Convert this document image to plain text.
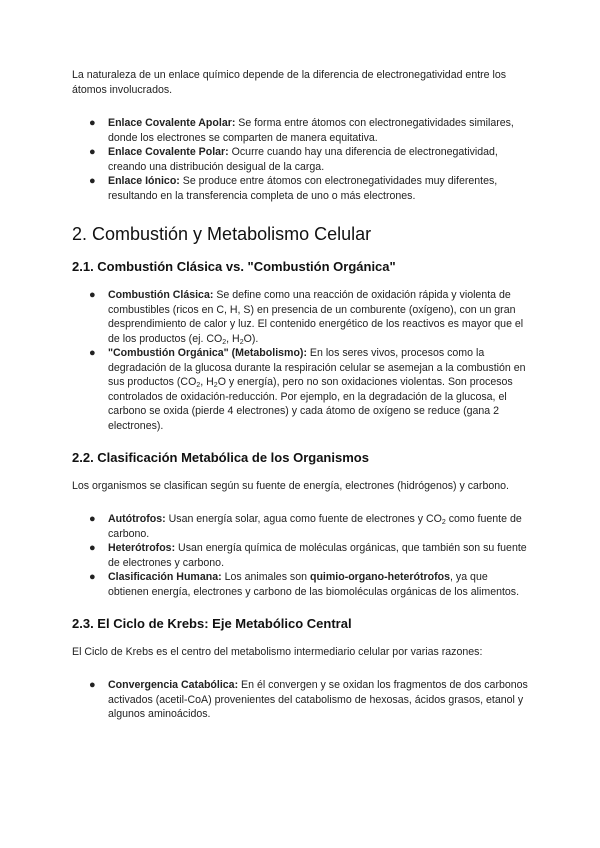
La naturaleza de un enlace químico depende de la diferencia de electronegatividad entre los átomos involucrados.

● Enlace Covalente Apolar: Se forma entre átomos con electronegatividades similares, donde los electrones se comparten de manera equitativa.
● Enlace Covalente Polar: Ocurre cuando hay una diferencia de electronegatividad, creando una distribución desigual de la carga.
● Enlace Iónico: Se produce entre átomos con electronegatividades muy diferentes, resultando en la transferencia completa de uno o más electrones.
2. Combustión y Metabolismo Celular
2.1. Combustión Clásica vs. "Combustión Orgánica"
● Combustión Clásica: Se define como una reacción de oxidación rápida y violenta de combustibles (ricos en C, H, S) en presencia de un comburente (oxígeno), con un gran desprendimiento de calor y luz. El contenido energético de los reactivos es mayor que el de los productos (ej. $CO_2$, $H_2O$).
● "Combustión Orgánica" (Metabolismo): En los seres vivos, procesos como la degradación de la glucosa durante la respiración celular se asemejan a la combustión en sus productos ($CO_2$, $H_2O$ y energía), pero no son oxidaciones violentas. Son procesos controlados de oxidación-reducción. Por ejemplo, en la degradación de la glucosa, el carbono se oxida (pierde 4 electrones) y cada átomo de oxígeno se reduce (gana 2 electrones).
2.2. Clasificación Metabólica de los Organismos

Los organismos se clasifican según su fuente de energía, electrones (hidrógenos) y carbono.

● Autótrofos: Usan energía solar, agua como fuente de electrones y $CO_2$ como fuente de carbono.
● Heterótrofos: Usan energía química de moléculas orgánicas, que también son su fuente de electrones y carbono.
● Clasificación Humana: Los animales son quimio-organo-heterótrofos, ya que obtienen energía, electrones y carbono de las biomoléculas orgánicas de los alimentos.
2.3. El Ciclo de Krebs: Eje Metabólico Central

El Ciclo de Krebs es el centro del metabolismo intermediario celular por varias razones:

● Convergencia Catabólica: En él convergen y se oxidan los fragmentos de dos carbonos activados (acetil-CoA) provenientes del catabolismo de hexosas, ácidos grasos, etanol y algunos aminoácidos.
